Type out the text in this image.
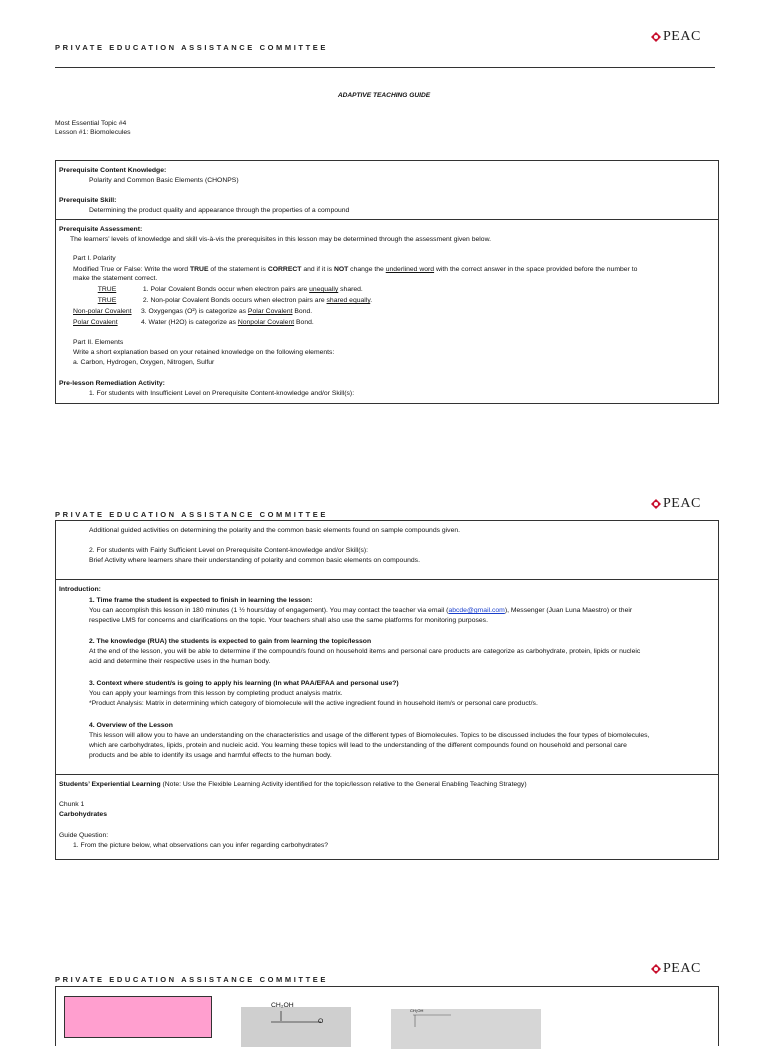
PRIVATE EDUCATION ASSISTANCE COMMITTEE
PEAC
ADAPTIVE TEACHING GUIDE
Most Essential Topic #4
Lesson #1: Biomolecules
Prerequisite Content Knowledge:
Polarity and Common Basic Elements (CHONPS)
Prerequisite Skill:
Determining the product quality and appearance through the properties of a compound
Prerequisite Assessment:
The learners’ levels of knowledge and skill vis-à-vis the prerequisites in this lesson may be determined through the assessment given below.
Part I. Polarity
Modified True or False: Write the word TRUE of the statement is CORRECT and if it is NOT change the underlined word with the correct answer in the space provided before the number to
make the statement correct.
TRUE	1. Polar Covalent Bonds occur when electron pairs are unequally shared.
TRUE	2. Non-polar Covalent Bonds occurs when electron pairs are shared equally.
Non-polar Covalent 3. Oxygengas (O²) is categorize as Polar Covalent Bond.
Polar Covalent	4. Water (H2O) is categorize as Nonpolar Covalent Bond.
Part II. Elements
Write a short explanation based on your retained knowledge on the following elements:
a. Carbon, Hydrogen, Oxygen, Nitrogen, Sulfur
Pre-lesson Remediation Activity:
1. For students with Insufficient Level on Prerequisite Content-knowledge and/or Skill(s):
PRIVATE EDUCATION ASSISTANCE COMMITTEE
PEAC
Additional guided activities on determining the polarity and the common basic elements found on sample compounds given.
2. For students with Fairly Sufficient Level on Prerequisite Content-knowledge and/or Skill(s):
Brief Activity where learners share their understanding of polarity and common basic elements on compounds.
Introduction:
1. Time frame the student is expected to finish in learning the lesson:
You can accomplish this lesson in 180 minutes (1 ½ hours/day of engagement). You may contact the teacher via email (abcde@gmail.com), Messenger (Juan Luna Maestro) or their
respective LMS for concerns and clarifications on the topic. Your teachers shall also use the same platforms for monitoring purposes.
2. The knowledge (RUA) the students is expected to gain from learning the topic/lesson
At the end of the lesson, you will be able to determine if the compound/s found on household items and personal care products are categorize as carbohydrate, protein, lipids or nucleic
acid and determine their respective uses in the human body.
3. Context where student/s is going to apply his learning (In what PAA/EFAA and personal use?)
You can apply your learnings from this lesson by completing product analysis matrix.
*Product Analysis: Matrix in determining which category of biomolecule will the active ingredient found in household item/s or personal care product/s.
4. Overview of the Lesson
This lesson will allow you to have an understanding on the characteristics and usage of the different types of Biomolecules. Topics to be discussed includes the four types of biomolecules,
which are carbohydrates, lipids, protein and nucleic acid. You learning these topics will lead to the understanding of the different compounds found on household and personal care
products and be able to identify its usage and harmful effects to the human body.
Students’ Experiential Learning (Note: Use the Flexible Learning Activity identified for the topic/lesson relative to the General Enabling Teaching Strategy)
Chunk 1
Carbohydrates
Guide Question:
1. From the picture below, what observations can you infer regarding carbohydrates?
PRIVATE EDUCATION ASSISTANCE COMMITTEE
PEAC
CH₂OH
O
CH₂OH
